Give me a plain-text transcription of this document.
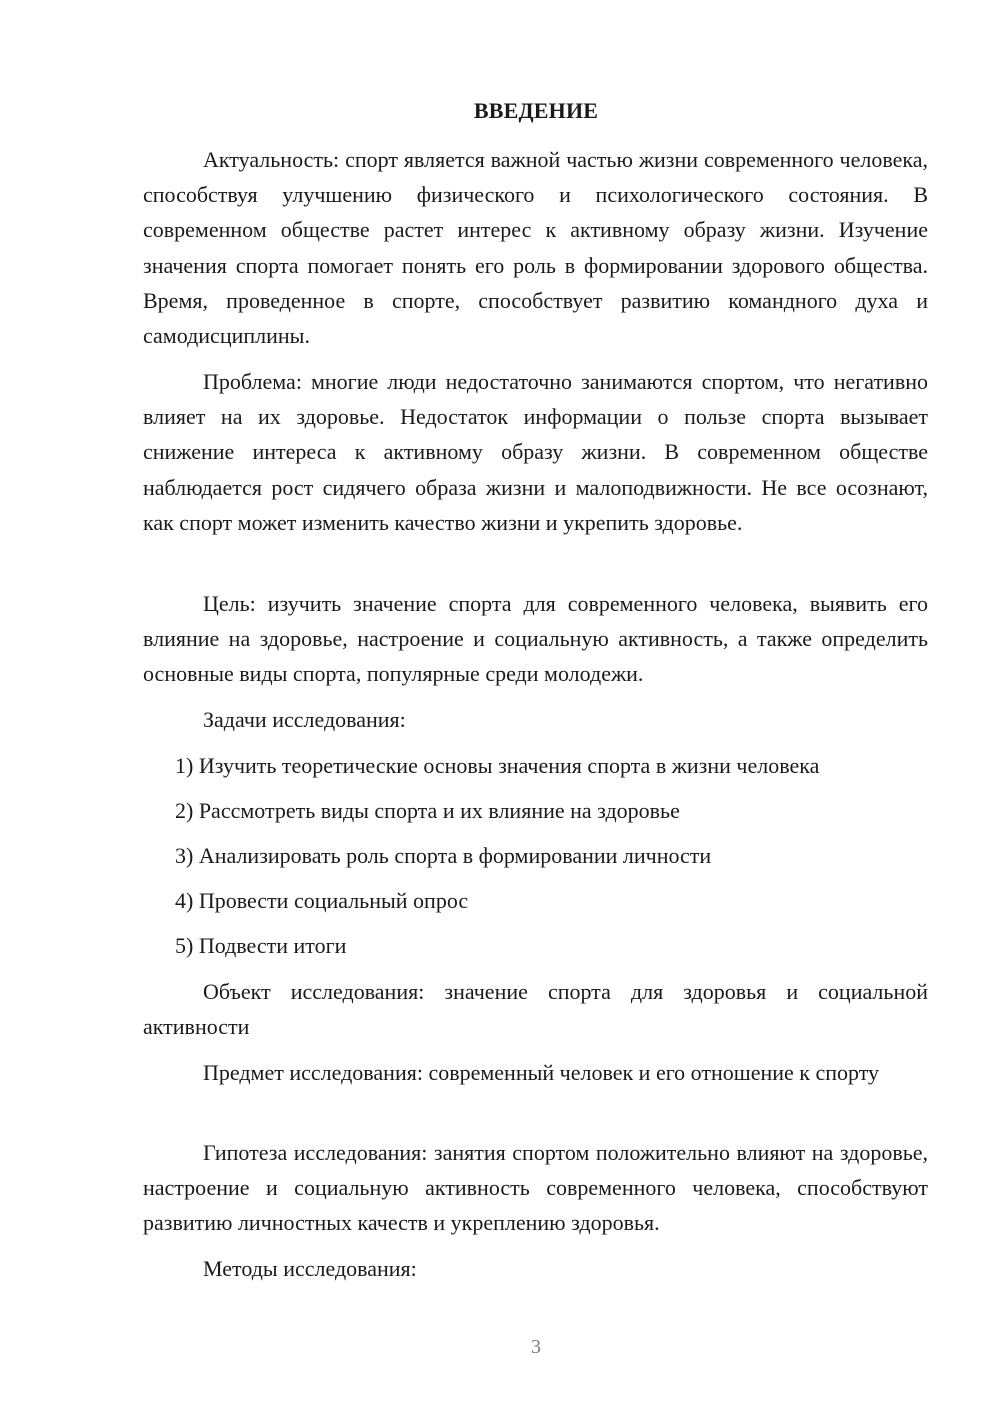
ВВЕДЕНИЕ

Актуальность: спорт является важной частью жизни современного человека, способствуя улучшению физического и психологического состояния. В современном обществе растет интерес к активному образу жизни. Изучение значения спорта помогает понять его роль в формировании здорового общества. Время, проведенное в спорте, способствует развитию командного духа и самодисциплины.

Проблема: многие люди недостаточно занимаются спортом, что негативно влияет на их здоровье. Недостаток информации о пользе спорта вызывает снижение интереса к активному образу жизни. В современном обществе наблюдается рост сидячего образа жизни и малоподвижности. Не все осознают, как спорт может изменить качество жизни и укрепить здоровье.

Цель: изучить значение спорта для современного человека, выявить его влияние на здоровье, настроение и социальную активность, а также определить основные виды спорта, популярные среди молодежи.

Задачи исследования:

1) Изучить теоретические основы значения спорта в жизни человека

2) Рассмотреть виды спорта и их влияние на здоровье

3) Анализировать роль спорта в формировании личности

4) Провести социальный опрос

5) Подвести итоги

Объект исследования: значение спорта для здоровья и социальной активности

Предмет исследования: современный человек и его отношение к спорту

Гипотеза исследования: занятия спортом положительно влияют на здоровье, настроение и социальную активность современного человека, способствуют развитию личностных качеств и укреплению здоровья.

Методы исследования:

3
